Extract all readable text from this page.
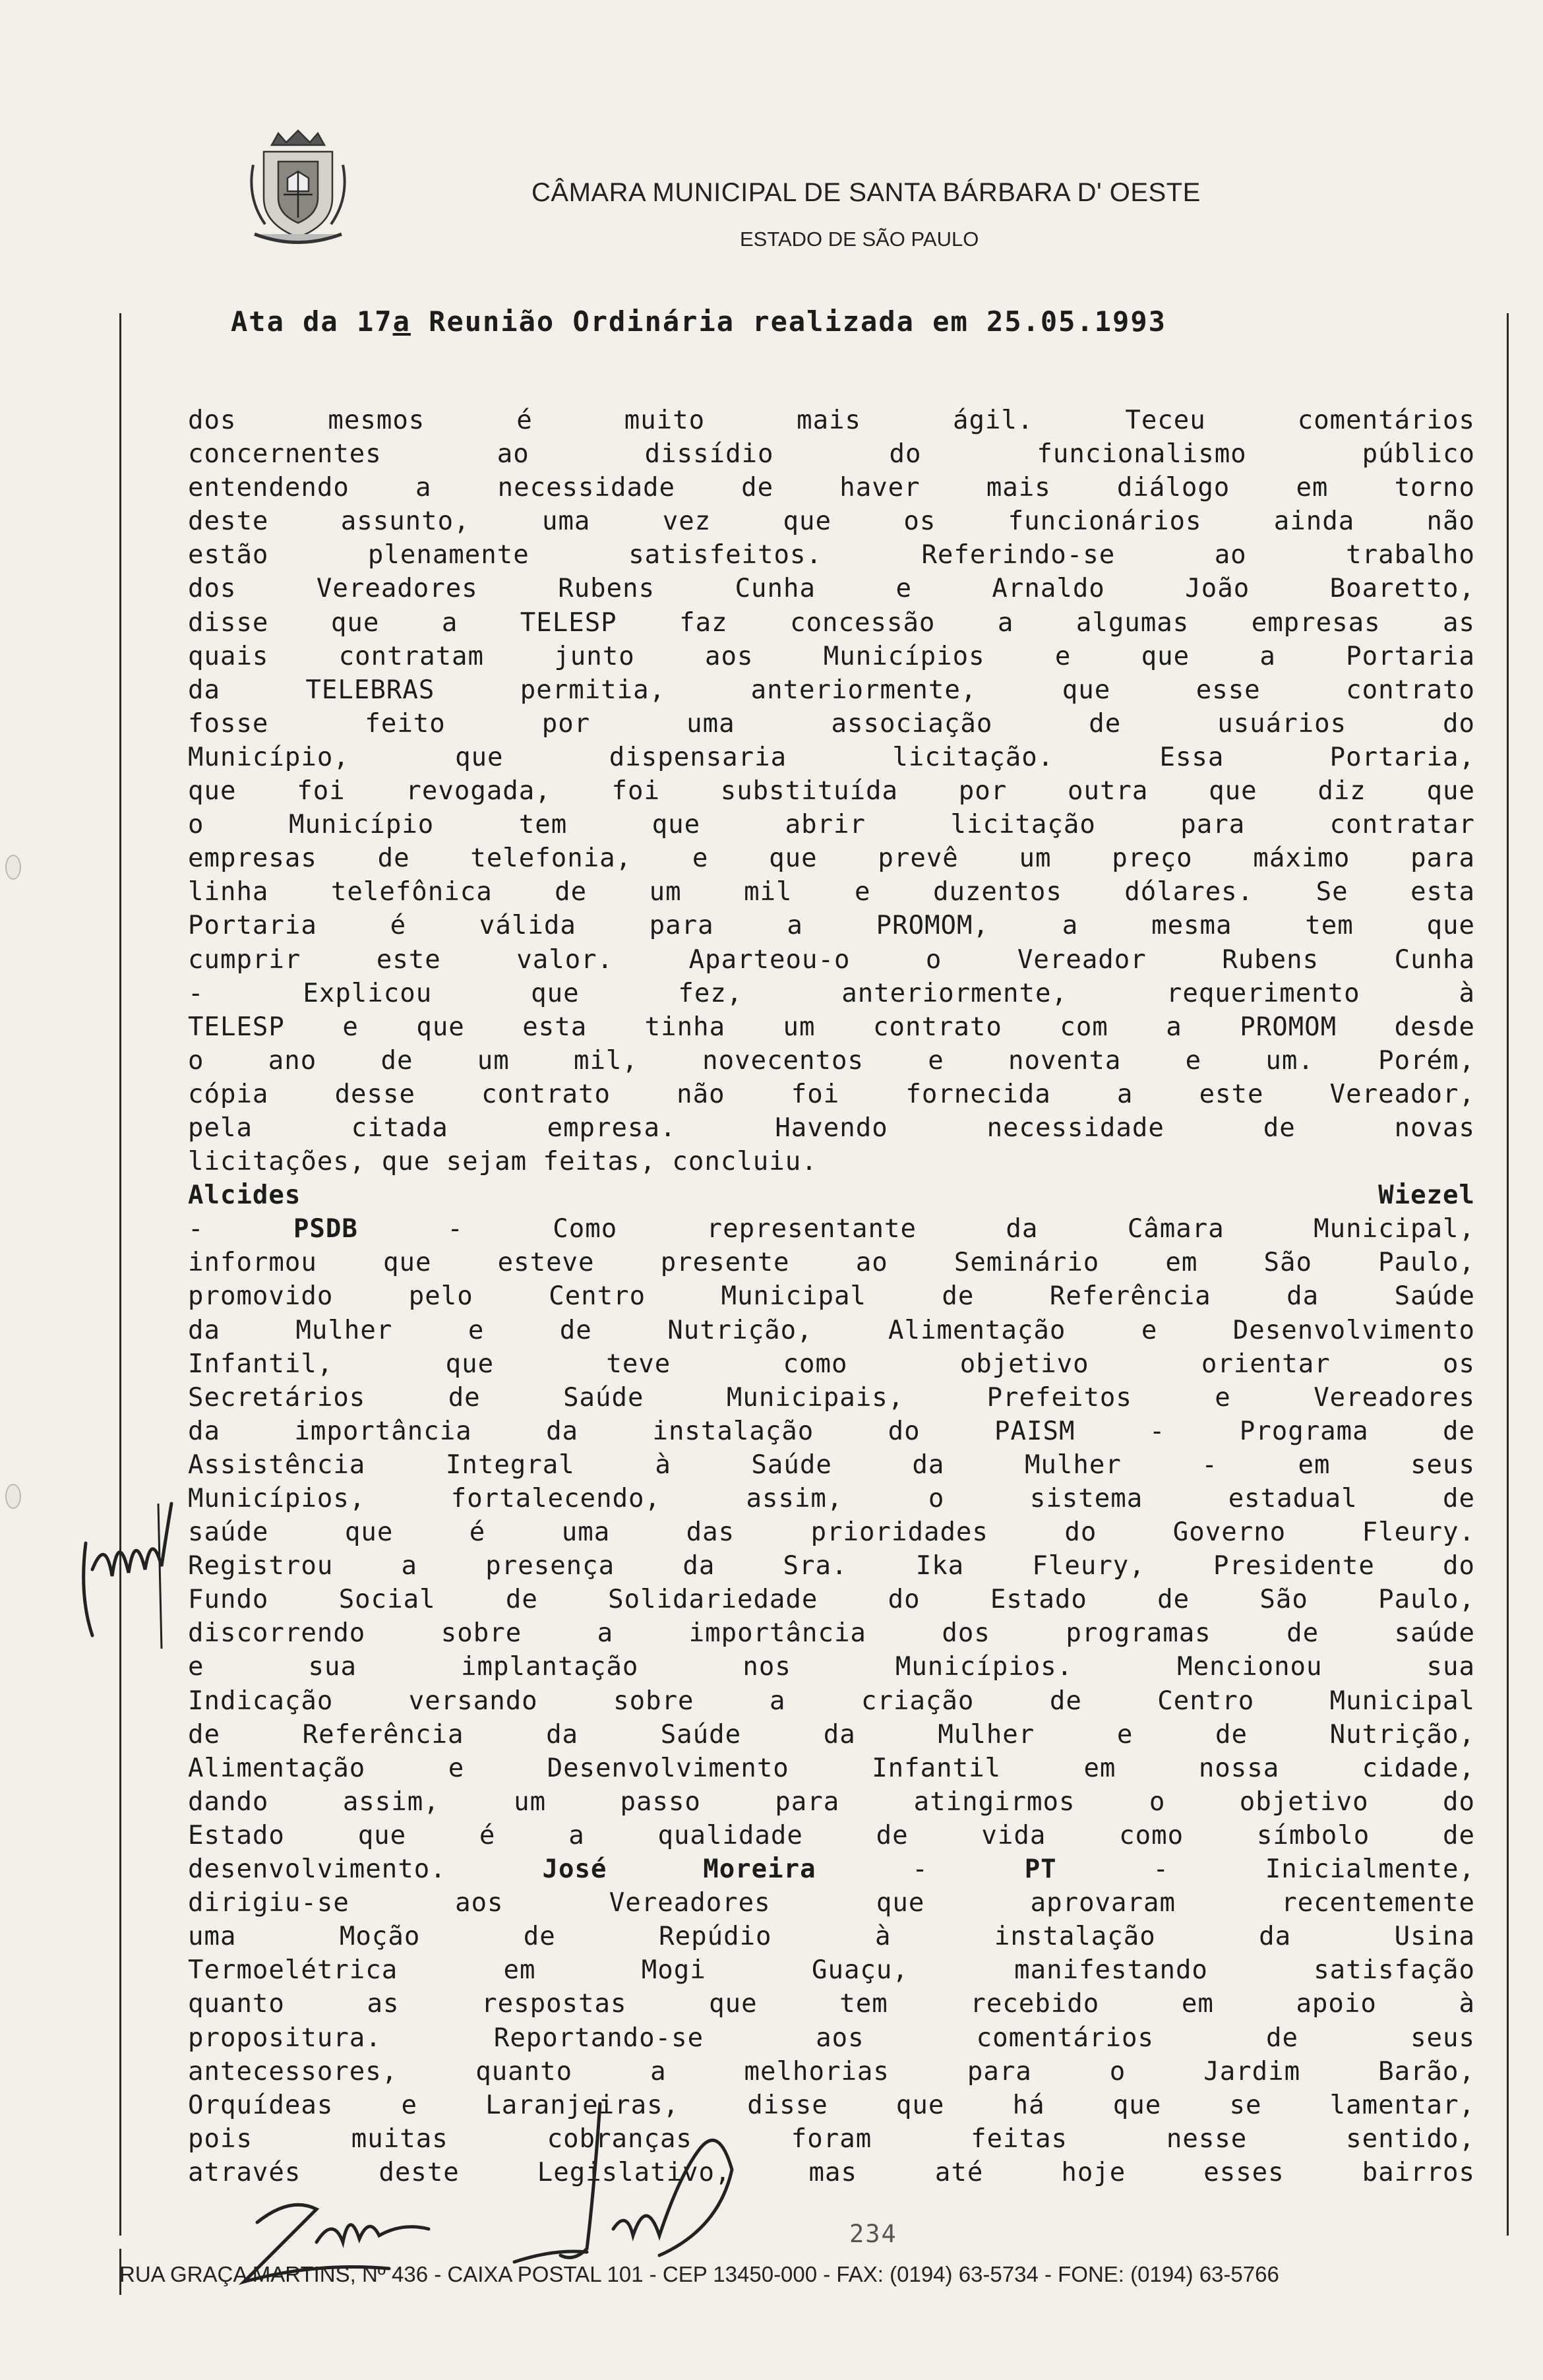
CÂMARA MUNICIPAL DE SANTA BÁRBARA D' OESTE
ESTADO DE SÃO PAULO
Ata da 17a Reunião Ordinária realizada em 25.05.1993
dos mesmos é muito mais ágil. Teceu comentários
concernentes ao dissídio do funcionalismo público
entendendo a necessidade de haver mais diálogo em torno
deste assunto, uma vez que os funcionários ainda não
estão plenamente satisfeitos. Referindo-se ao trabalho
dos Vereadores Rubens Cunha e Arnaldo João Boaretto,
disse que a TELESP faz concessão a algumas empresas as
quais contratam junto aos Municípios e que a Portaria
da TELEBRAS permitia, anteriormente, que esse contrato
fosse feito por uma associação de usuários do
Município, que dispensaria licitação. Essa Portaria,
que foi revogada, foi substituída por outra que diz que
o Município tem que abrir licitação para contratar
empresas de telefonia, e que prevê um preço máximo para
linha telefônica de um mil e duzentos dólares. Se esta
Portaria é válida para a PROMOM, a mesma tem que
cumprir este valor. Aparteou-o o Vereador Rubens Cunha
- Explicou que fez, anteriormente, requerimento à
TELESP e que esta tinha um contrato com a PROMOM desde
o ano de um mil, novecentos e noventa e um. Porém,
cópia desse contrato não foi fornecida a este Vereador,
pela citada empresa. Havendo necessidade de novas
licitações, que sejam feitas, concluiu.
Alcides Wiezel
- PSDB - Como representante da Câmara Municipal,
informou que esteve presente ao Seminário em São Paulo,
promovido pelo Centro Municipal de Referência da Saúde
da Mulher e de Nutrição, Alimentação e Desenvolvimento
Infantil, que teve como objetivo orientar os
Secretários de Saúde Municipais, Prefeitos e Vereadores
da importância da instalação do PAISM - Programa de
Assistência Integral à Saúde da Mulher - em seus
Municípios, fortalecendo, assim, o sistema estadual de
saúde que é uma das prioridades do Governo Fleury.
Registrou a presença da Sra. Ika Fleury, Presidente do
Fundo Social de Solidariedade do Estado de São Paulo,
discorrendo sobre a importância dos programas de saúde
e sua implantação nos Municípios. Mencionou sua
Indicação versando sobre a criação de Centro Municipal
de Referência da Saúde da Mulher e de Nutrição,
Alimentação e Desenvolvimento Infantil em nossa cidade,
dando assim, um passo para atingirmos o objetivo do
Estado que é a qualidade de vida como símbolo de
desenvolvimento.	José Moreira	-	PT	-	Inicialmente,
dirigiu-se aos Vereadores que aprovaram recentemente
uma Moção de Repúdio à instalação da Usina
Termoelétrica em Mogi Guaçu, manifestando satisfação
quanto as respostas que tem recebido em apoio à
propositura. Reportando-se aos comentários de seus
antecessores, quanto a melhorias para o Jardim Barão,
Orquídeas e Laranjeiras, disse que há que se lamentar,
pois muitas cobranças foram feitas nesse sentido,
através deste Legislativo, mas até hoje esses bairros
234
RUA GRAÇA MARTINS, Nº 436 - CAIXA POSTAL 101 - CEP 13450-000 - FAX: (0194) 63-5734 - FONE: (0194) 63-5766
